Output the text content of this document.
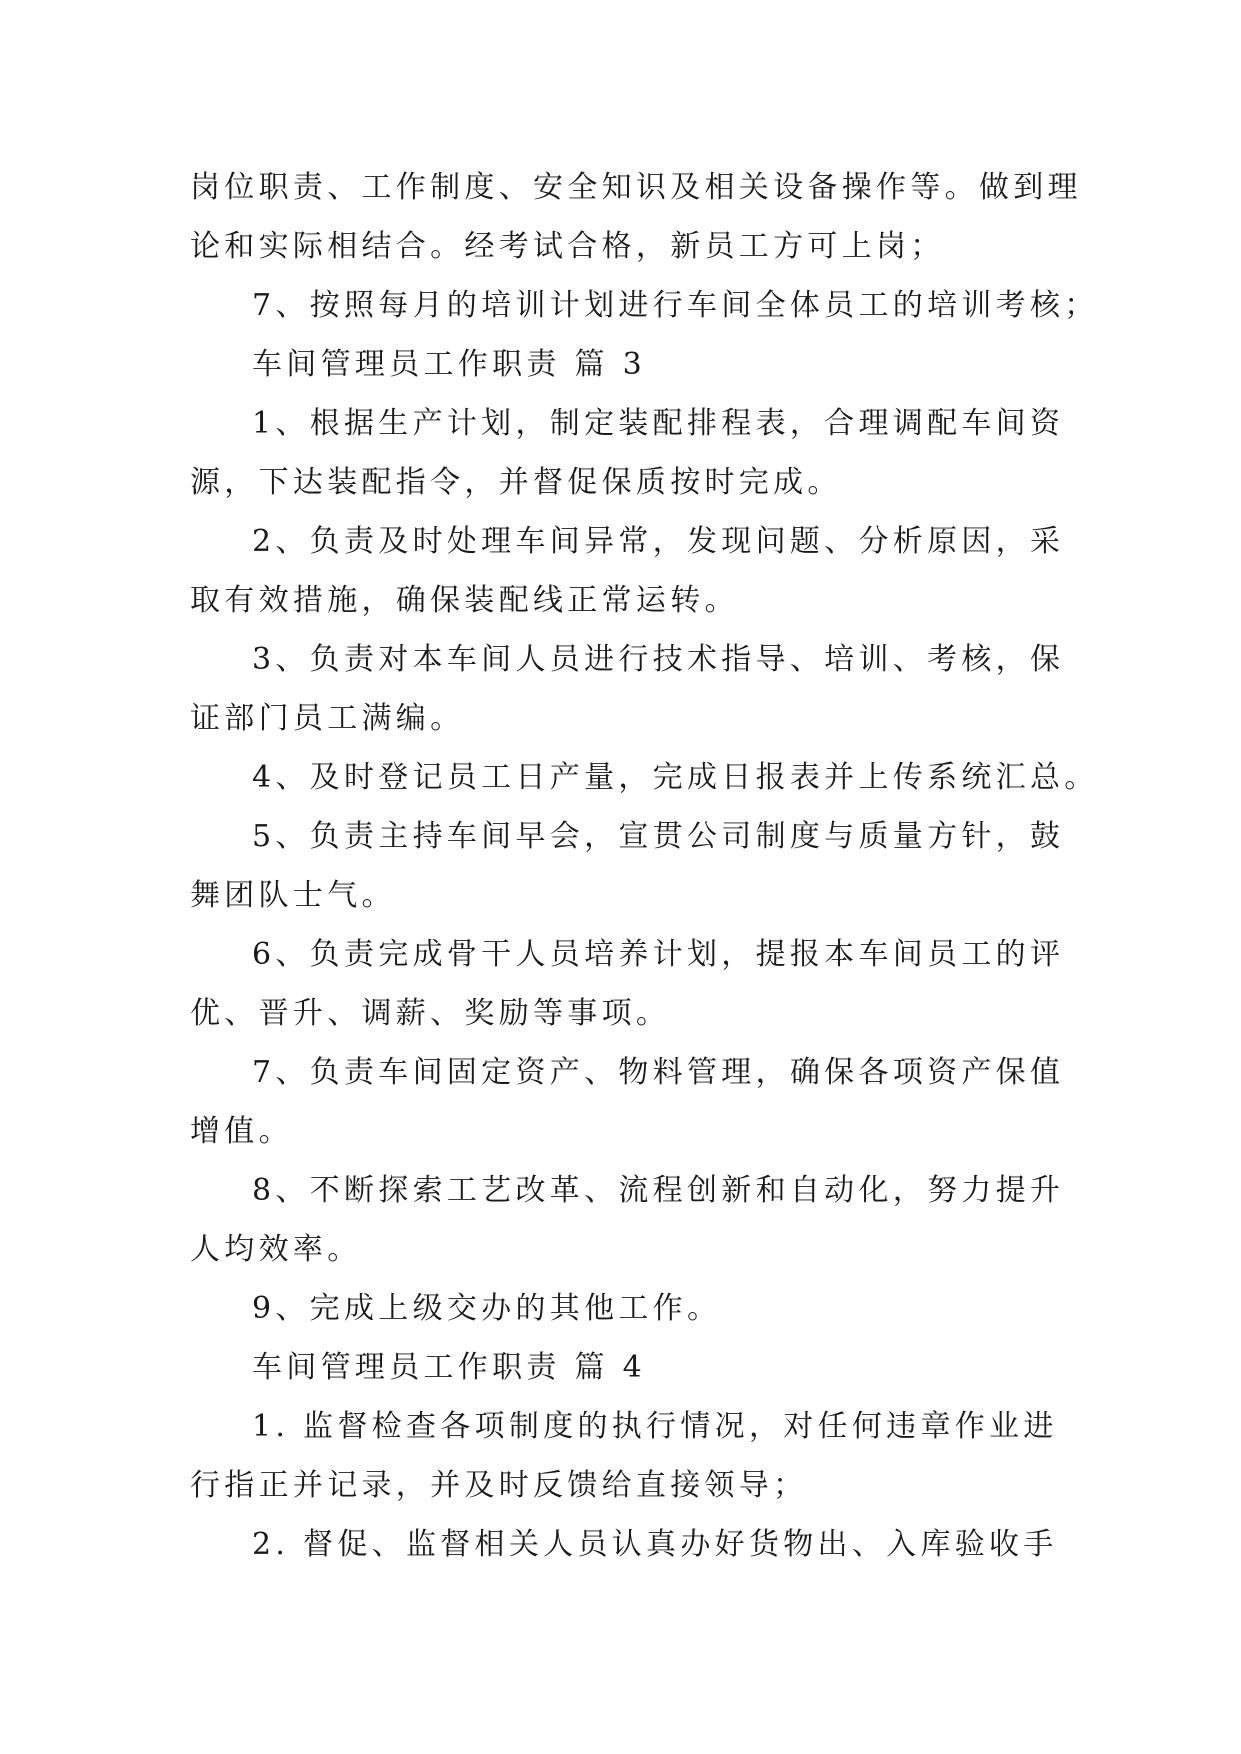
岗位职责、工作制度、安全知识及相关设备操作等。做到理
论和实际相结合。经考试合格，新员工方可上岗；
7、按照每月的培训计划进行车间全体员工的培训考核；
车间管理员工作职责 篇 3
1、根据生产计划，制定装配排程表，合理调配车间资
源，下达装配指令，并督促保质按时完成。
2、负责及时处理车间异常，发现问题、分析原因，采
取有效措施，确保装配线正常运转。
3、负责对本车间人员进行技术指导、培训、考核，保
证部门员工满编。
4、及时登记员工日产量，完成日报表并上传系统汇总。
5、负责主持车间早会，宣贯公司制度与质量方针，鼓
舞团队士气。
6、负责完成骨干人员培养计划，提报本车间员工的评
优、晋升、调薪、奖励等事项。
7、负责车间固定资产、物料管理，确保各项资产保值
增值。
8、不断探索工艺改革、流程创新和自动化，努力提升
人均效率。
9、完成上级交办的其他工作。
车间管理员工作职责 篇 4
1. 监督检查各项制度的执行情况，对任何违章作业进
行指正并记录，并及时反馈给直接领导；
2. 督促、监督相关人员认真办好货物出、入库验收手
